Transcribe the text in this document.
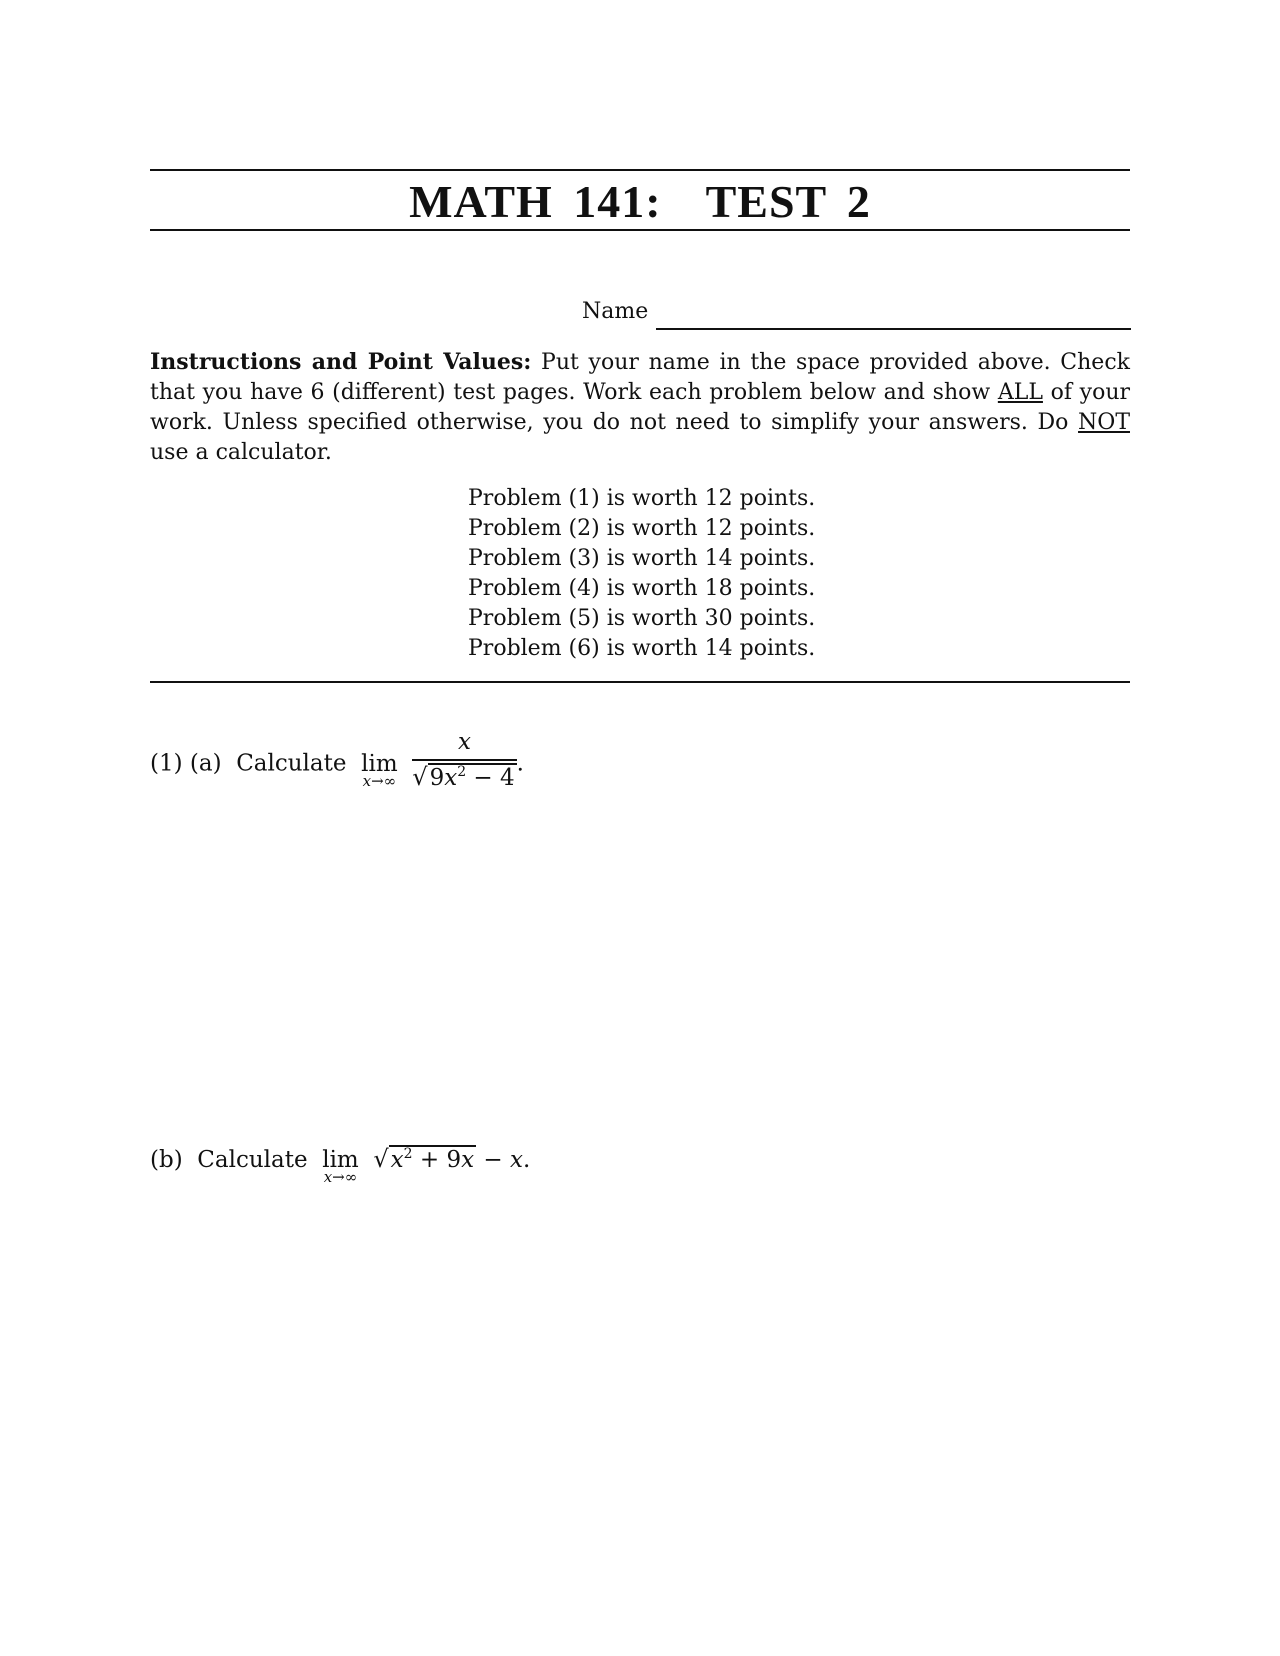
MATH 141: TEST 2
Name
Instructions and Point Values: Put your name in the space provided above. Check that you have 6 (different) test pages. Work each problem below and show ALL of your work. Unless specified otherwise, you do not need to simplify your answers. Do NOT use a calculator.
Problem (1) is worth 12 points.
Problem (2) is worth 12 points.
Problem (3) is worth 14 points.
Problem (4) is worth 18 points.
Problem (5) is worth 30 points.
Problem (6) is worth 14 points.
(1) (a) Calculate lim
x→∞
$\frac{x}{√9x^2 - 4}$ .
(b) Calculate lim
x→∞
$√x^2 + 9x - x$.
